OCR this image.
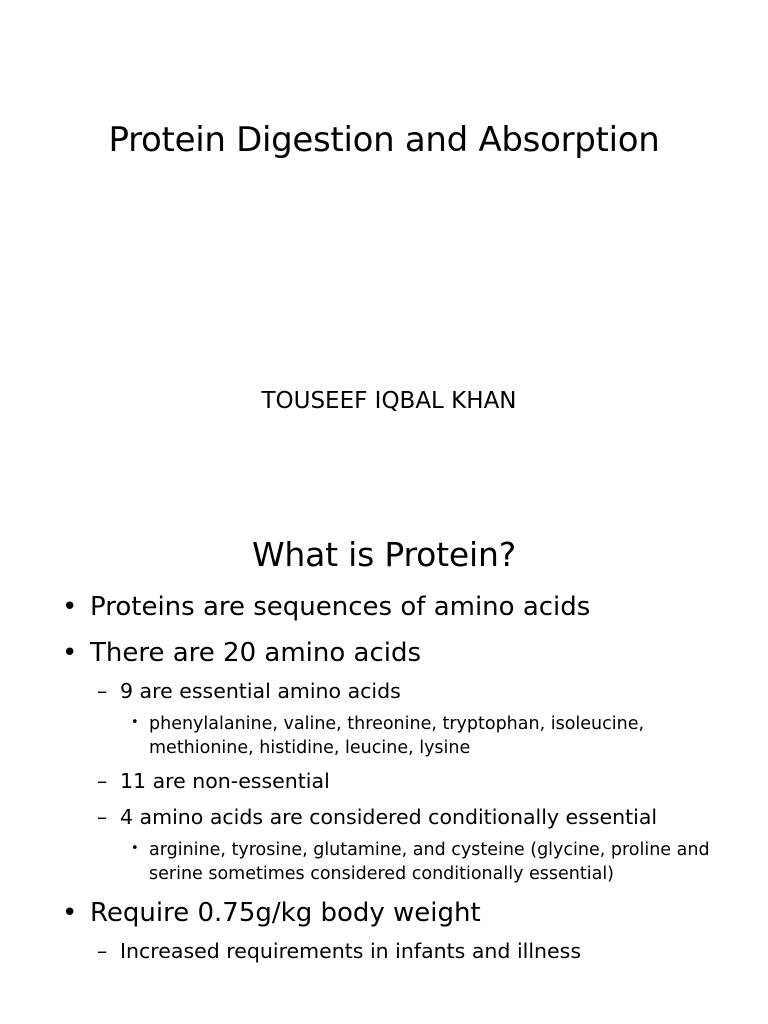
Protein Digestion and Absorption
TOUSEEF IQBAL KHAN
What is Protein?
• Proteins are sequences of amino acids
• There are 20 amino acids
– 9 are essential amino acids
• phenylalanine, valine, threonine, tryptophan, isoleucine,
methionine, histidine, leucine, lysine
– 11 are non-essential
– 4 amino acids are considered conditionally essential
• arginine, tyrosine, glutamine, and cysteine (glycine, proline and
serine sometimes considered conditionally essential)
• Require 0.75g/kg body weight
– Increased requirements in infants and illness
